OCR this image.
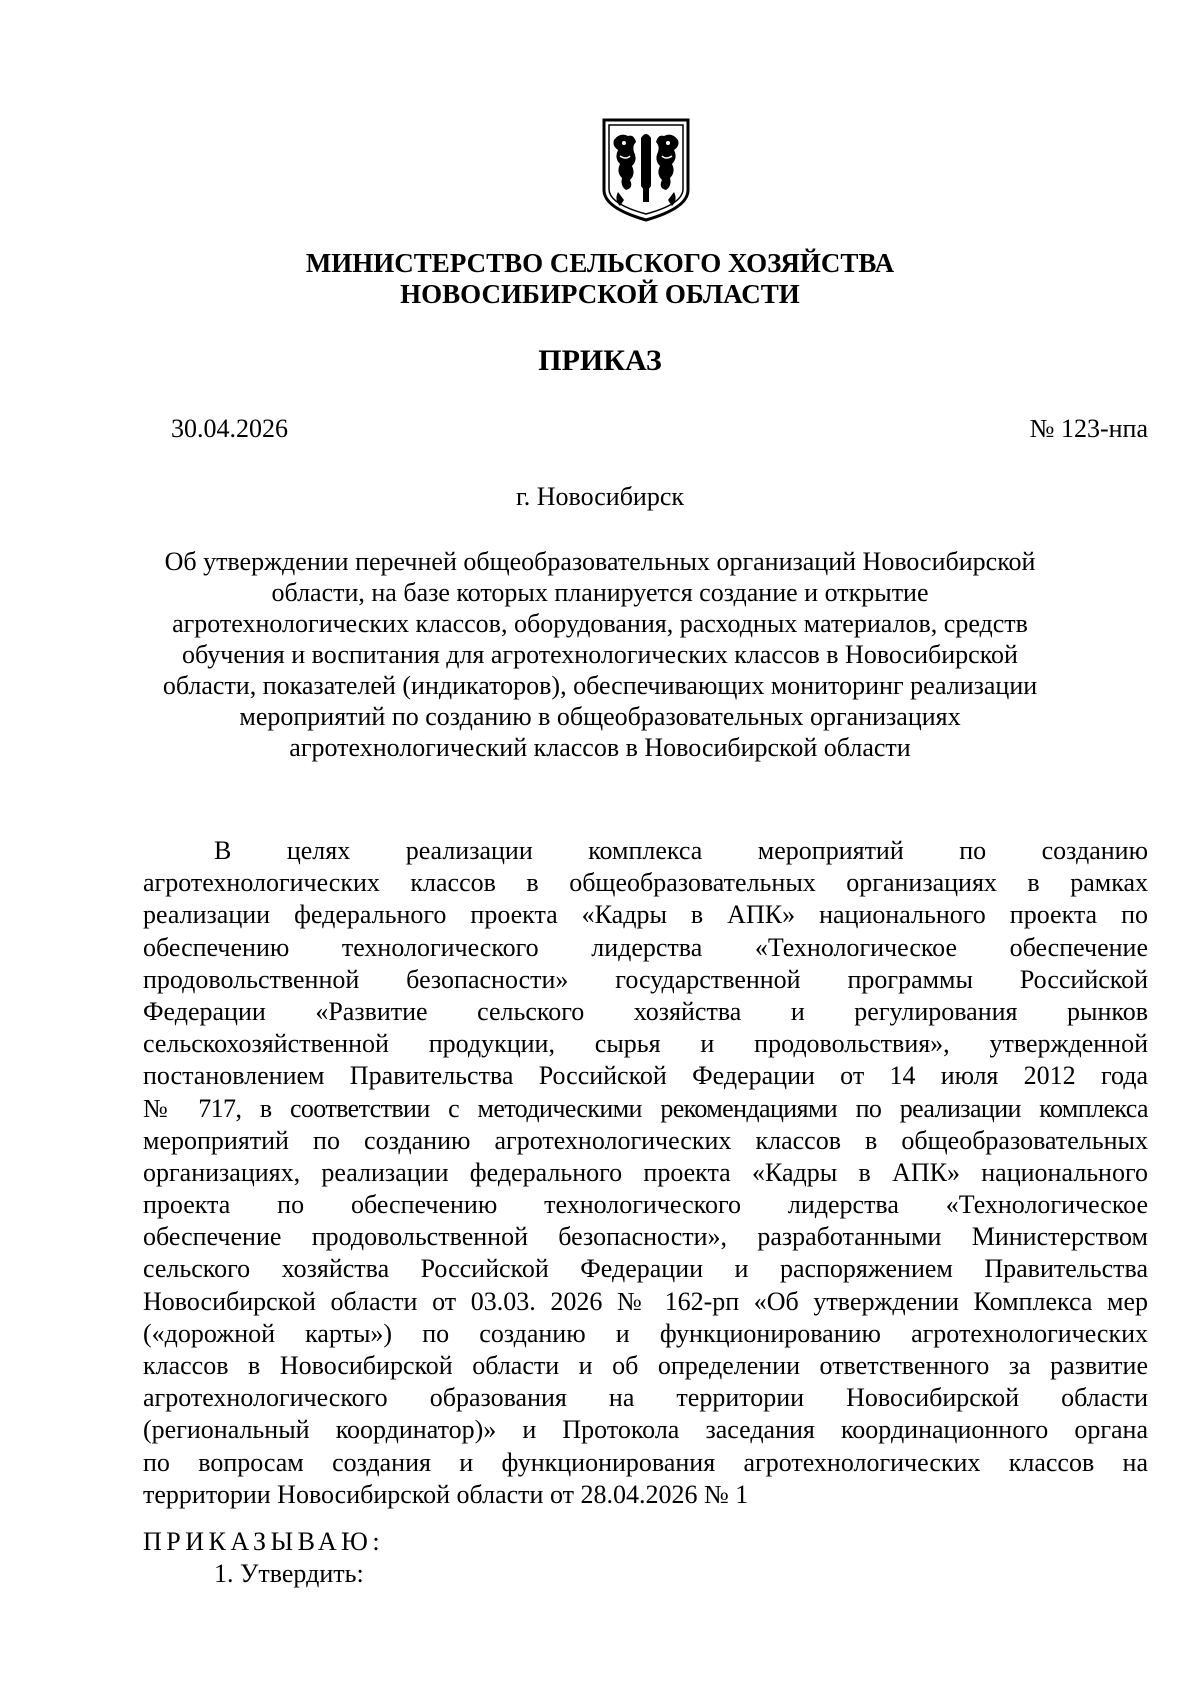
МИНИСТЕРСТВО СЕЛЬСКОГО ХОЗЯЙСТВА
НОВОСИБИРСКОЙ ОБЛАСТИ
ПРИКАЗ
30.04.2026	№ 123-нпа
г. Новосибирск
Об утверждении перечней общеобразовательных организаций Новосибирской
области, на базе которых планируется создание и открытие
агротехнологических классов, оборудования, расходных материалов, средств
обучения и воспитания для агротехнологических классов в Новосибирской
области, показателей (индикаторов), обеспечивающих мониторинг реализации
мероприятий по созданию в общеобразовательных организациях
агротехнологический классов в Новосибирской области
В целях реализации комплекса мероприятий по созданию
агротехнологических классов в общеобразовательных организациях в рамках
реализации федерального проекта «Кадры в АПК» национального проекта по
обеспечению технологического лидерства «Технологическое обеспечение
продовольственной безопасности» государственной программы Российской
Федерации «Развитие сельского хозяйства и регулирования рынков
сельскохозяйственной продукции, сырья и продовольствия», утвержденной
постановлением Правительства Российской Федерации от 14 июля 2012 года
№ 717, в соответствии с методическими рекомендациями по реализации комплекса
мероприятий по созданию агротехнологических классов в общеобразовательных
организациях, реализации федерального проекта «Кадры в АПК» национального
проекта по обеспечению технологического лидерства «Технологическое
обеспечение продовольственной безопасности», разработанными Министерством
сельского хозяйства Российской Федерации и распоряжением Правительства
Новосибирской области от 03.03. 2026 № 162-рп «Об утверждении Комплекса мер
(«дорожной карты») по созданию и функционированию агротехнологических
классов в Новосибирской области и об определении ответственного за развитие
агротехнологического образования на территории Новосибирской области
(региональный координатор)» и Протокола заседания координационного органа
по вопросам создания и функционирования агротехнологических классов на
территории Новосибирской области от 28.04.2026 № 1
ПРИКАЗЫВАЮ:
1. Утвердить:
